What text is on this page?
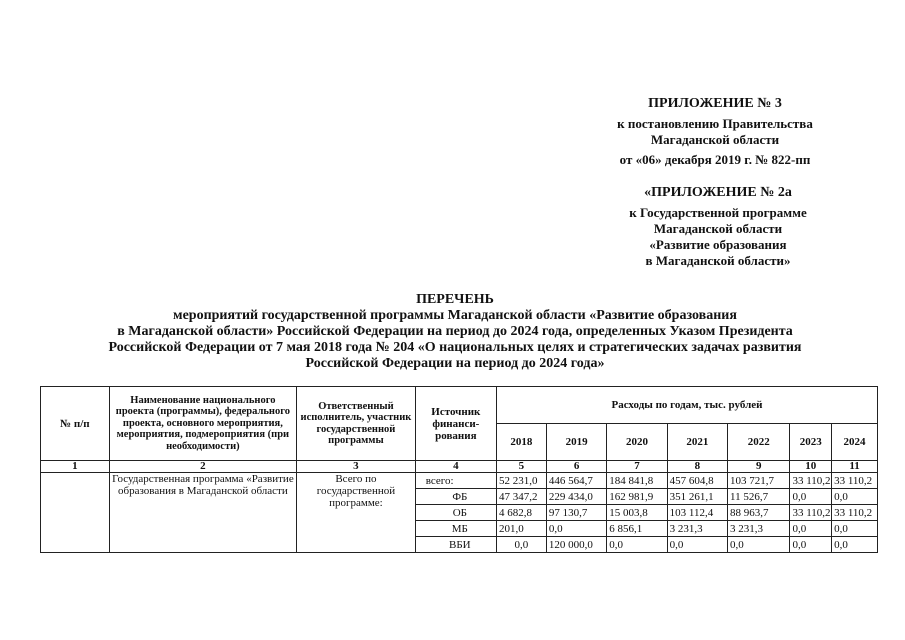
ПРИЛОЖЕНИЕ № 3
к постановлению Правительства
Магаданской области
от «06» декабря 2019 г. № 822-пп
«ПРИЛОЖЕНИЕ № 2а
к Государственной программе
Магаданской области
«Развитие образования
в Магаданской области»
ПЕРЕЧЕНЬ
мероприятий государственной программы Магаданской области «Развитие образования
в Магаданской области» Российской Федерации на период до 2024 года, определенных Указом Президента
Российской Федерации от 7 мая 2018 года № 204 «О национальных целях и стратегических задачах развития
Российской Федерации на период до 2024 года»
№ п/п	Наименование национального проекта (программы), федерального проекта, основного мероприятия, мероприятия, подмероприятия (при необходимости)	Ответственный исполнитель, участник государственной программы	Источник финанси-рования	Расходы по годам, тыс. рублей						
				2018	2019	2020	2021	2022	2023	2024
1	2	3	4	5	6	7	8	9	10	11
	Государственная программа «Развитие образования в Магаданской области	Всего по государственной программе:	всего:	52 231,0	446 564,7	184 841,8	457 604,8	103 721,7	33 110,2	33 110,2
			ФБ	47 347,2	229 434,0	162 981,9	351 261,1	11 526,7	0,0	0,0
			ОБ	4 682,8	97 130,7	15 003,8	103 112,4	88 963,7	33 110,2	33 110,2
			МБ	201,0	0,0	6 856,1	3 231,3	3 231,3	0,0	0,0
			ВБИ	0,0	120 000,0	0,0	0,0	0,0	0,0	0,0
